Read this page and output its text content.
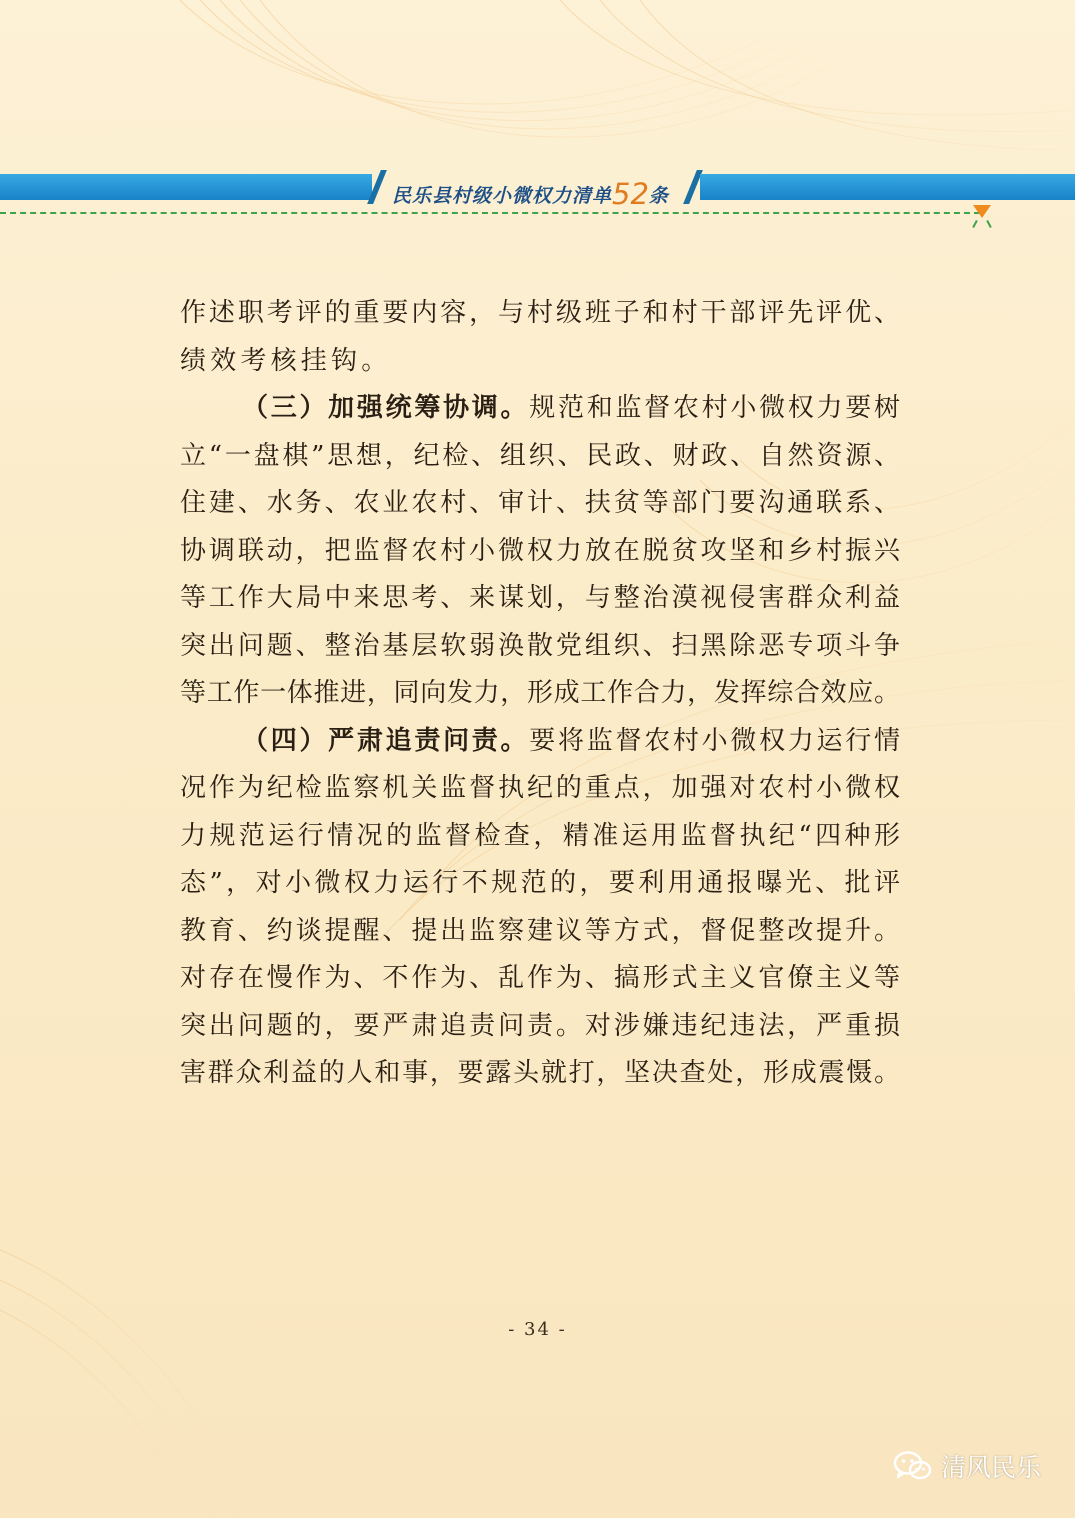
民乐县村级小微权力清单52条
作述职考评的重要内容，与村级班子和村干部评先评优、
绩效考核挂钩。
（三）加强统筹协调。规范和监督农村小微权力要树
立“一盘棋”思想，纪检、组织、民政、财政、自然资源、
住建、水务、农业农村、审计、扶贫等部门要沟通联系、
协调联动，把监督农村小微权力放在脱贫攻坚和乡村振兴
等工作大局中来思考、来谋划，与整治漠视侵害群众利益
突出问题、整治基层软弱涣散党组织、扫黑除恶专项斗争
等工作一体推进，同向发力，形成工作合力，发挥综合效应。
（四）严肃追责问责。要将监督农村小微权力运行情
况作为纪检监察机关监督执纪的重点，加强对农村小微权
力规范运行情况的监督检查，精准运用监督执纪“四种形
态”，对小微权力运行不规范的，要利用通报曝光、批评
教育、约谈提醒、提出监察建议等方式，督促整改提升。
对存在慢作为、不作为、乱作为、搞形式主义官僚主义等
突出问题的，要严肃追责问责。对涉嫌违纪违法，严重损
害群众利益的人和事，要露头就打，坚决查处，形成震慑。
- 34 -
清风民乐
